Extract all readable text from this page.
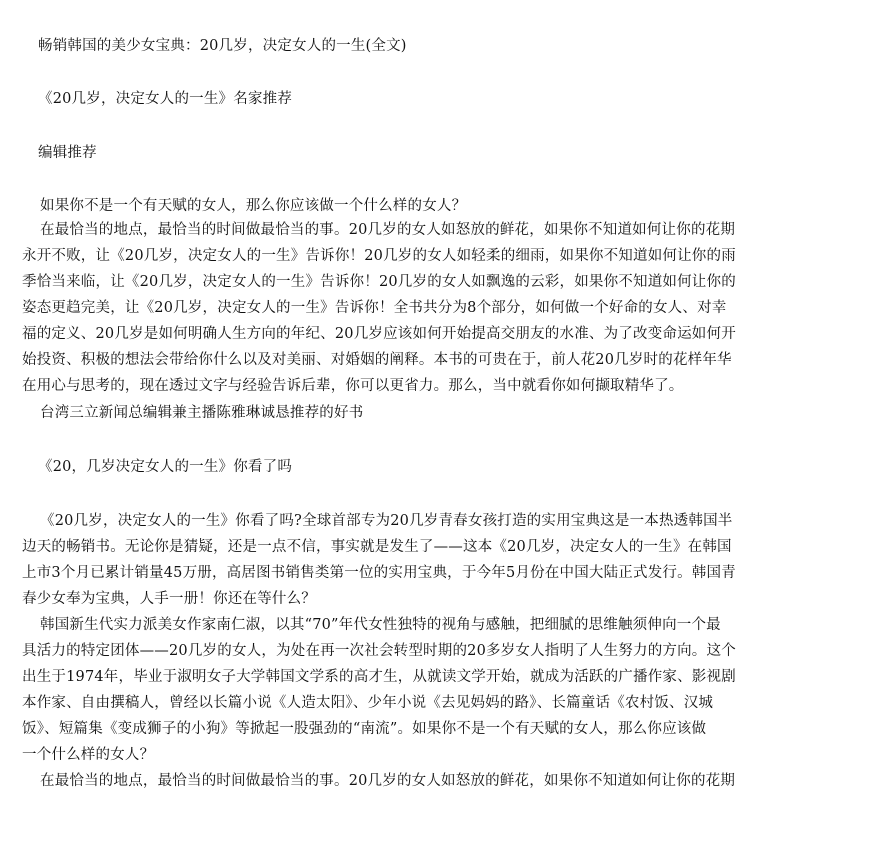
畅销韩国的美少女宝典：20几岁，决定女人的一生(全文)
《20几岁，决定女人的一生》名家推荐
编辑推荐
如果你不是一个有天赋的女人，那么你应该做一个什么样的女人？
在最恰当的地点，最恰当的时间做最恰当的事。20几岁的女人如怒放的鲜花，如果你不知道如何让你的花期
永开不败，让《20几岁，决定女人的一生》告诉你！20几岁的女人如轻柔的细雨，如果你不知道如何让你的雨
季恰当来临，让《20几岁，决定女人的一生》告诉你！20几岁的女人如飘逸的云彩，如果你不知道如何让你的
姿态更趋完美，让《20几岁，决定女人的一生》告诉你！全书共分为8个部分，如何做一个好命的女人、对幸
福的定义、20几岁是如何明确人生方向的年纪、20几岁应该如何开始提高交朋友的水准、为了改变命运如何开
始投资、积极的想法会带给你什么以及对美丽、对婚姻的阐释。本书的可贵在于，前人花20几岁时的花样年华
在用心与思考的，现在透过文字与经验告诉后辈，你可以更省力。那么，当中就看你如何撷取精华了。
台湾三立新闻总编辑兼主播陈雅琳诚恳推荐的好书
《20，几岁决定女人的一生》你看了吗
《20几岁，决定女人的一生》你看了吗?全球首部专为20几岁青春女孩打造的实用宝典这是一本热透韩国半
边天的畅销书。无论你是猜疑，还是一点不信，事实就是发生了——这本《20几岁，决定女人的一生》在韩国
上市3个月已累计销量45万册，高居图书销售类第一位的实用宝典，于今年5月份在中国大陆正式发行。韩国青
春少女奉为宝典，人手一册！你还在等什么？
韩国新生代实力派美女作家南仁淑，以其“70”年代女性独特的视角与感触，把细腻的思维触须伸向一个最
具活力的特定团体——20几岁的女人，为处在再一次社会转型时期的20多岁女人指明了人生努力的方向。这个
出生于1974年，毕业于淑明女子大学韩国文学系的高才生，从就读文学开始，就成为活跃的广播作家、影视剧
本作家、自由撰稿人，曾经以长篇小说《人造太阳》、少年小说《去见妈妈的路》、长篇童话《农村饭、汉城
饭》、短篇集《变成狮子的小狗》等掀起一股强劲的“南流”。如果你不是一个有天赋的女人，那么你应该做
一个什么样的女人？
在最恰当的地点，最恰当的时间做最恰当的事。20几岁的女人如怒放的鲜花，如果你不知道如何让你的花期
